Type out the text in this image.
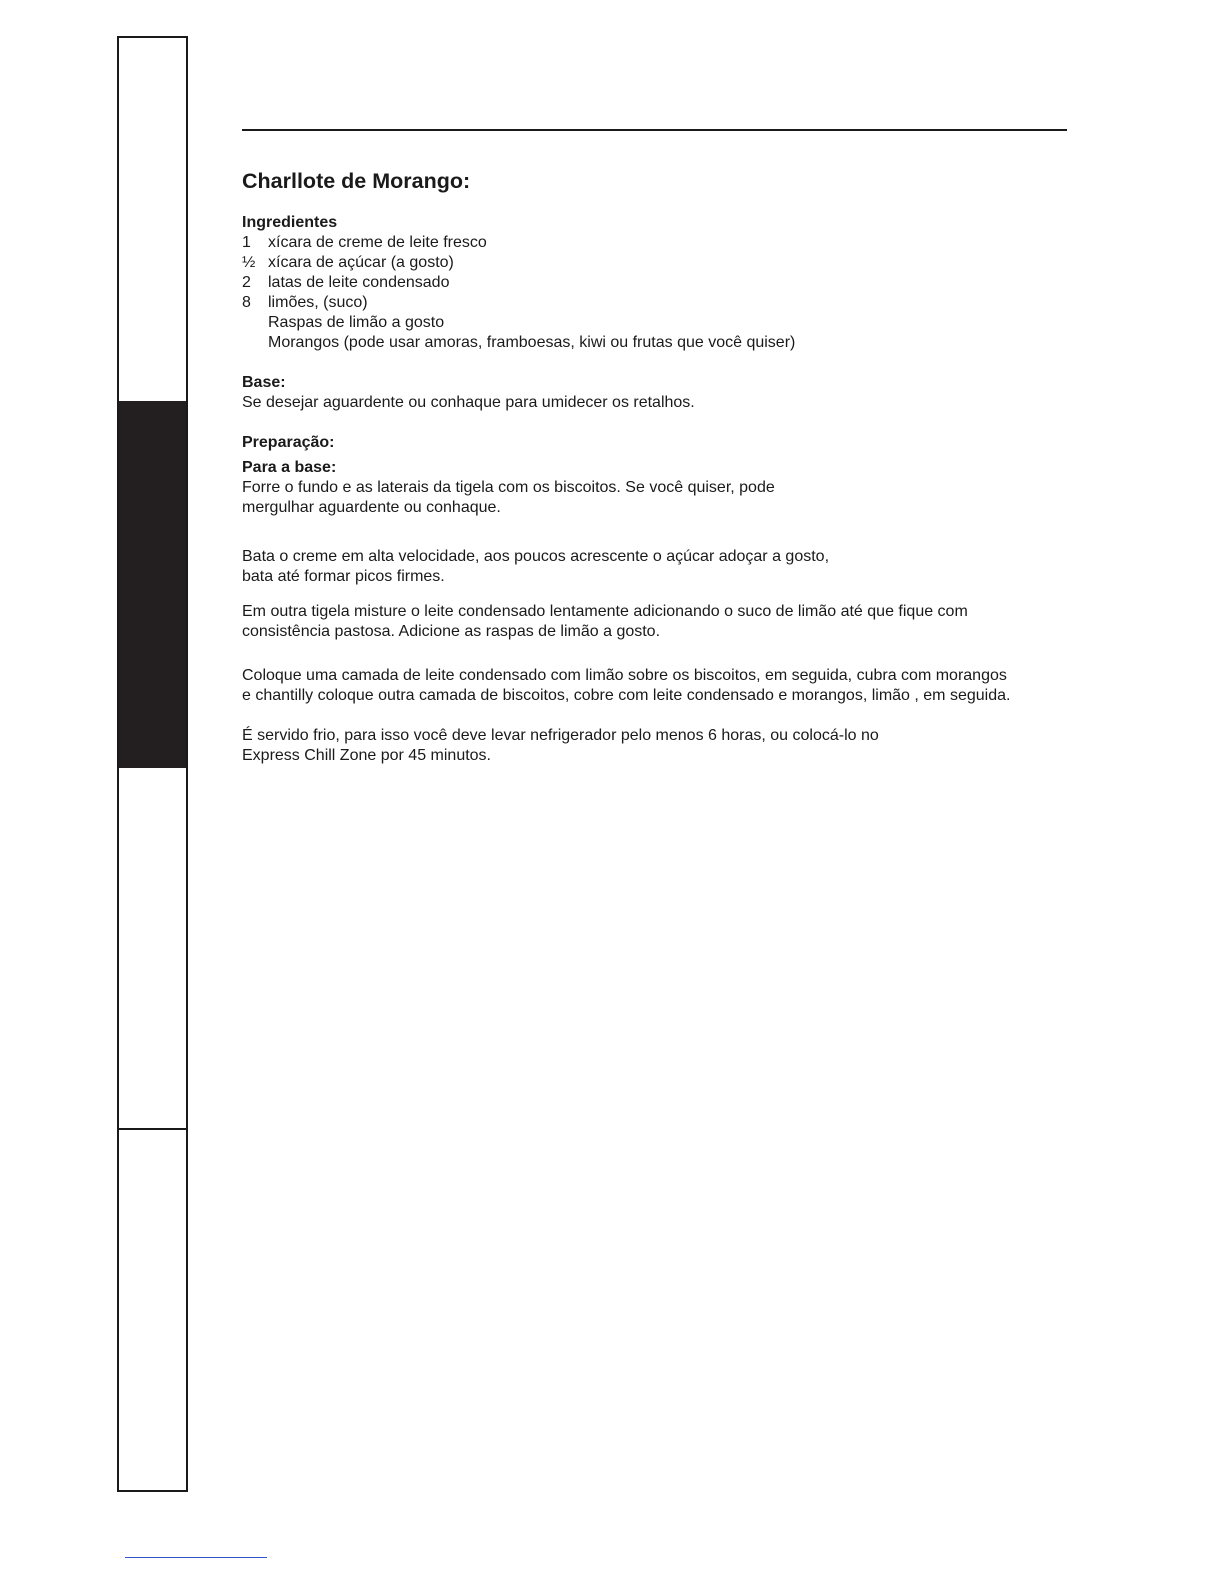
Charllote de Morango:
Ingredientes
1	xícara de creme de leite fresco
½ xícara de açúcar (a gosto)
2	latas de leite condensado
8	limões, (suco)
Raspas de limão a gosto
Morangos (pode usar amoras, framboesas, kiwi ou frutas que você quiser)
Base:

Se desejar aguardente ou conhaque para umidecer os retalhos.

Preparação:
Para a base:

Forre o fundo e as laterais da tigela com os biscoitos. Se você quiser, pode
mergulhar aguardente ou conhaque.

Bata o creme em alta velocidade, aos poucos acrescente o açúcar adoçar a gosto,
bata até formar picos firmes.

Em outra tigela misture o leite condensado lentamente adicionando o suco de limão até que fique com
consistência pastosa. Adicione as raspas de limão a gosto.

Coloque uma camada de leite condensado com limão sobre os biscoitos, em seguida, cubra com morangos
e chantilly coloque outra camada de biscoitos, cobre com leite condensado e morangos, limão , em seguida.

É servido frio, para isso você deve levar nefrigerador pelo menos 6 horas, ou colocá-lo no
Express Chill Zone por 45 minutos.
